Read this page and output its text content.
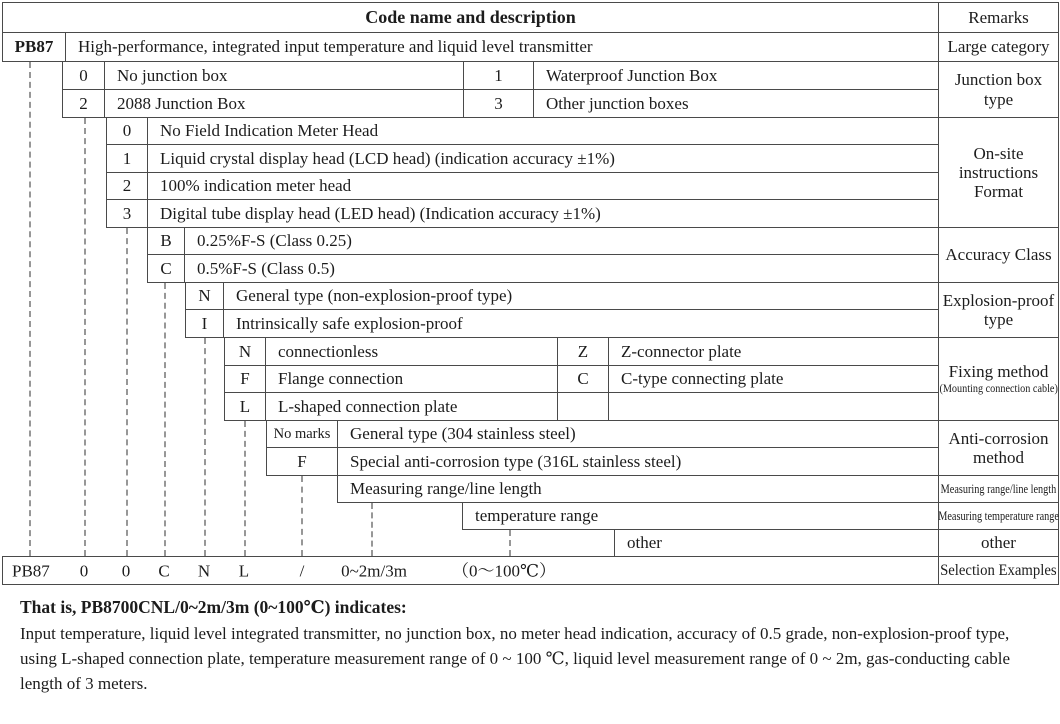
Code name and description	Remarks
PB87	High-performance, integrated input temperature and liquid level transmitter	Large category
0	No junction box	1	Waterproof Junction Box
2	2088 Junction Box	3	Other junction boxes
Junction box type
0	No Field Indication Meter Head
1	Liquid crystal display head (LCD head) (indication accuracy ±1%)
2	100% indication meter head
3	Digital tube display head (LED head) (Indication accuracy ±1%)
On-site instructions Format
B	0.25%F-S (Class 0.25)
C	0.5%F-S (Class 0.5)
Accuracy Class
N	General type (non-explosion-proof type)
I	Intrinsically safe explosion-proof
Explosion-proof type
N	connectionless	Z	Z-connector plate
F	Flange connection	C	C-type connecting plate
L	L-shaped connection plate
Fixing method
(Mounting connection cable)
No marks	General type (304 stainless steel)
F	Special anti-corrosion type (316L stainless steel)
Anti-corrosion method
Measuring range/line length	Measuring range/line length
temperature range	Measuring temperature range
other	other
PB87 0 0 C N L	/ 0~2m/3m	（0～100℃）	Selection Examples
That is, PB8700CNL/0~2m/3m (0~100℃) indicates:
Input temperature, liquid level integrated transmitter, no junction box, no meter head indication, accuracy of 0.5 grade, non-explosion-proof type, using L-shaped connection plate, temperature measurement range of 0 ~ 100 ℃, liquid level measurement range of 0 ~ 2m, gas-conducting cable length of 3 meters.
